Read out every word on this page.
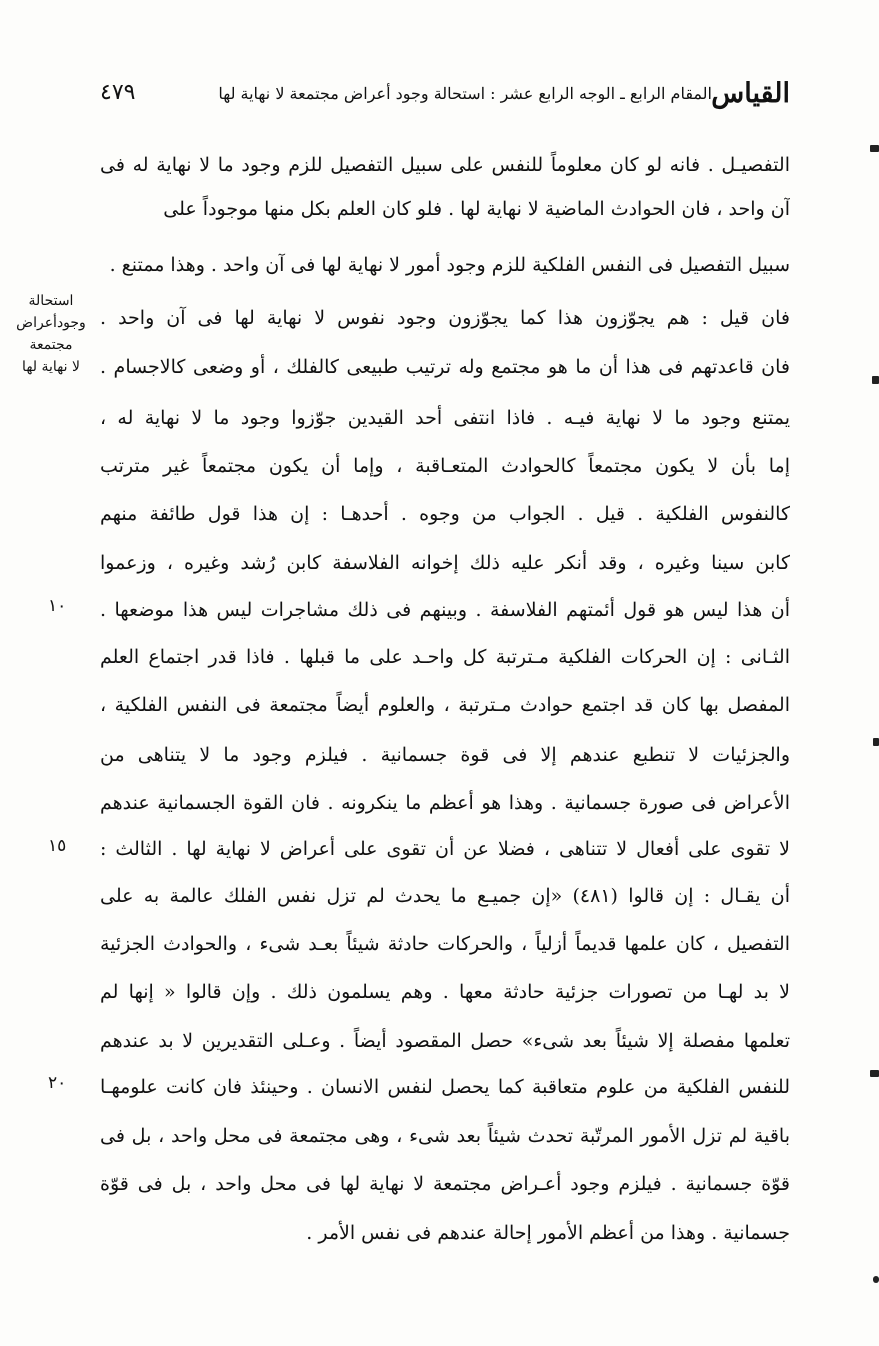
القياس
المقام الرابع ـ الوجه الرابع عشر : استحالة وجود أعراض مجتمعة لا نهاية لها
٤٧٩
التفصيـل . فانه لو كان معلوماً للنفس على سبيل التفصيل للزم وجود ما لا نهاية له فى
آن واحد ، فان الحوادث الماضية لا نهاية لها . فلو كان العلم بكل منها موجوداً على
سبيل التفصيل فى النفس الفلكية للزم وجود أمور لا نهاية لها فى آن واحد . وهذا ممتنع .
فان قيل : هم يجوّزون هذا كما يجوّزون وجود نفوس لا نهاية لها فى آن واحد .
فان قاعدتهم فى هذا أن ما هو مجتمع وله ترتيب طبيعى كالفلك ، أو وضعى كالاجسام .
يمتنع وجود ما لا نهاية فيـه . فاذا انتفى أحد القيدين جوّزوا وجود ما لا نهاية له ،
إما بأن لا يكون مجتمعاً كالحوادث المتعـاقبة ، وإما أن يكون مجتمعاً غير مترتب
كالنفوس الفلكية . قيل . الجواب من وجوه . أحدهـا : إن هذا قول طائفة منهم
كابن سينا وغيره ، وقد أنكر عليه ذلك إخوانه الفلاسفة كابن رُشد وغيره ، وزعموا
أن هذا ليس هو قول أئمتهم الفلاسفة . وبينهم فى ذلك مشاجرات ليس هذا موضعها .
الثـانى : إن الحركات الفلكية مـترتبة كل واحـد على ما قبلها . فاذا قدر اجتماع العلم
المفصل بها كان قد اجتمع حوادث مـترتبة ، والعلوم أيضاً مجتمعة فى النفس الفلكية ،
والجزئيات لا تنطبع عندهم إلا فى قوة جسمانية . فيلزم وجود ما لا يتناهى من
الأعراض فى صورة جسمانية . وهذا هو أعظم ما ينكرونه . فان القوة الجسمانية عندهم
لا تقوى على أفعال لا تتناهى ، فضلا عن أن تقوى على أعراض لا نهاية لها . الثالث :
أن يقـال : إن قالوا (٤٨١) «إن جميـع ما يحدث لم تزل نفس الفلك عالمة به على
التفصيل ، كان علمها قديماً أزلياً ، والحركات حادثة شيئاً بعـد شىء ، والحوادث الجزئية
لا بد لهـا من تصورات جزئية حادثة معها . وهم يسلمون ذلك . وإن قالوا « إنها لم
تعلمها مفصلة إلا شيئاً بعد شىء» حصل المقصود أيضاً . وعـلى التقديرين لا بد عندهم
للنفس الفلكية من علوم متعاقبة كما يحصل لنفس الانسان . وحينئذ فان كانت علومهـا
باقية لم تزل الأمور المرتّبة تحدث شيئاً بعد شىء ، وهى مجتمعة فى محل واحد ، بل فى
قوّة جسمانية . فيلزم وجود أعـراض مجتمعة لا نهاية لها فى محل واحد ، بل فى قوّة
جسمانية . وهذا من أعظم الأمور إحالة عندهم فى نفس الأمر .
استحالة
وجودأعراض
مجتمعة
لا نهاية لها
١٠
١٥
٢٠
